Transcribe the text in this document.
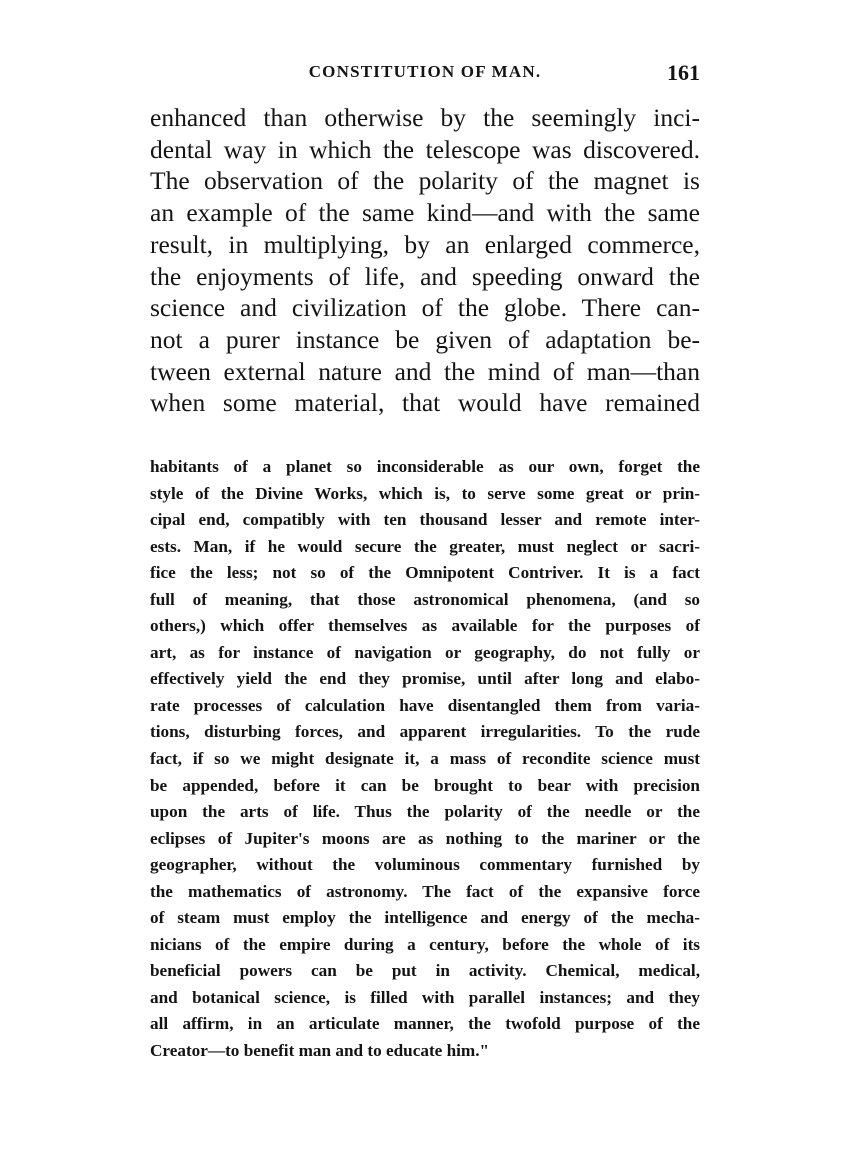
CONSTITUTION OF MAN.	161

enhanced than otherwise by the seemingly inci-
dental way in which the telescope was discovered.
The observation of the polarity of the magnet is
an example of the same kind—and with the same
result, in multiplying, by an enlarged commerce,
the enjoyments of life, and speeding onward the
science and civilization of the globe. There can-
not a purer instance be given of adaptation be-
tween external nature and the mind of man—than
when some material, that would have remained

habitants of a planet so inconsiderable as our own, forget the
style of the Divine Works, which is, to serve some great or prin-
cipal end, compatibly with ten thousand lesser and remote inter-
ests. Man, if he would secure the greater, must neglect or sacri-
fice the less; not so of the Omnipotent Contriver. It is a fact
full of meaning, that those astronomical phenomena, (and so
others,) which offer themselves as available for the purposes of
art, as for instance of navigation or geography, do not fully or
effectively yield the end they promise, until after long and elabo-
rate processes of calculation have disentangled them from varia-
tions, disturbing forces, and apparent irregularities. To the rude
fact, if so we might designate it, a mass of recondite science must
be appended, before it can be brought to bear with precision
upon the arts of life. Thus the polarity of the needle or the
eclipses of Jupiter's moons are as nothing to the mariner or the
geographer, without the voluminous commentary furnished by
the mathematics of astronomy. The fact of the expansive force
of steam must employ the intelligence and energy of the mecha-
nicians of the empire during a century, before the whole of its
beneficial powers can be put in activity. Chemical, medical,
and botanical science, is filled with parallel instances; and they
all affirm, in an articulate manner, the twofold purpose of the
Creator—to benefit man and to educate him."
